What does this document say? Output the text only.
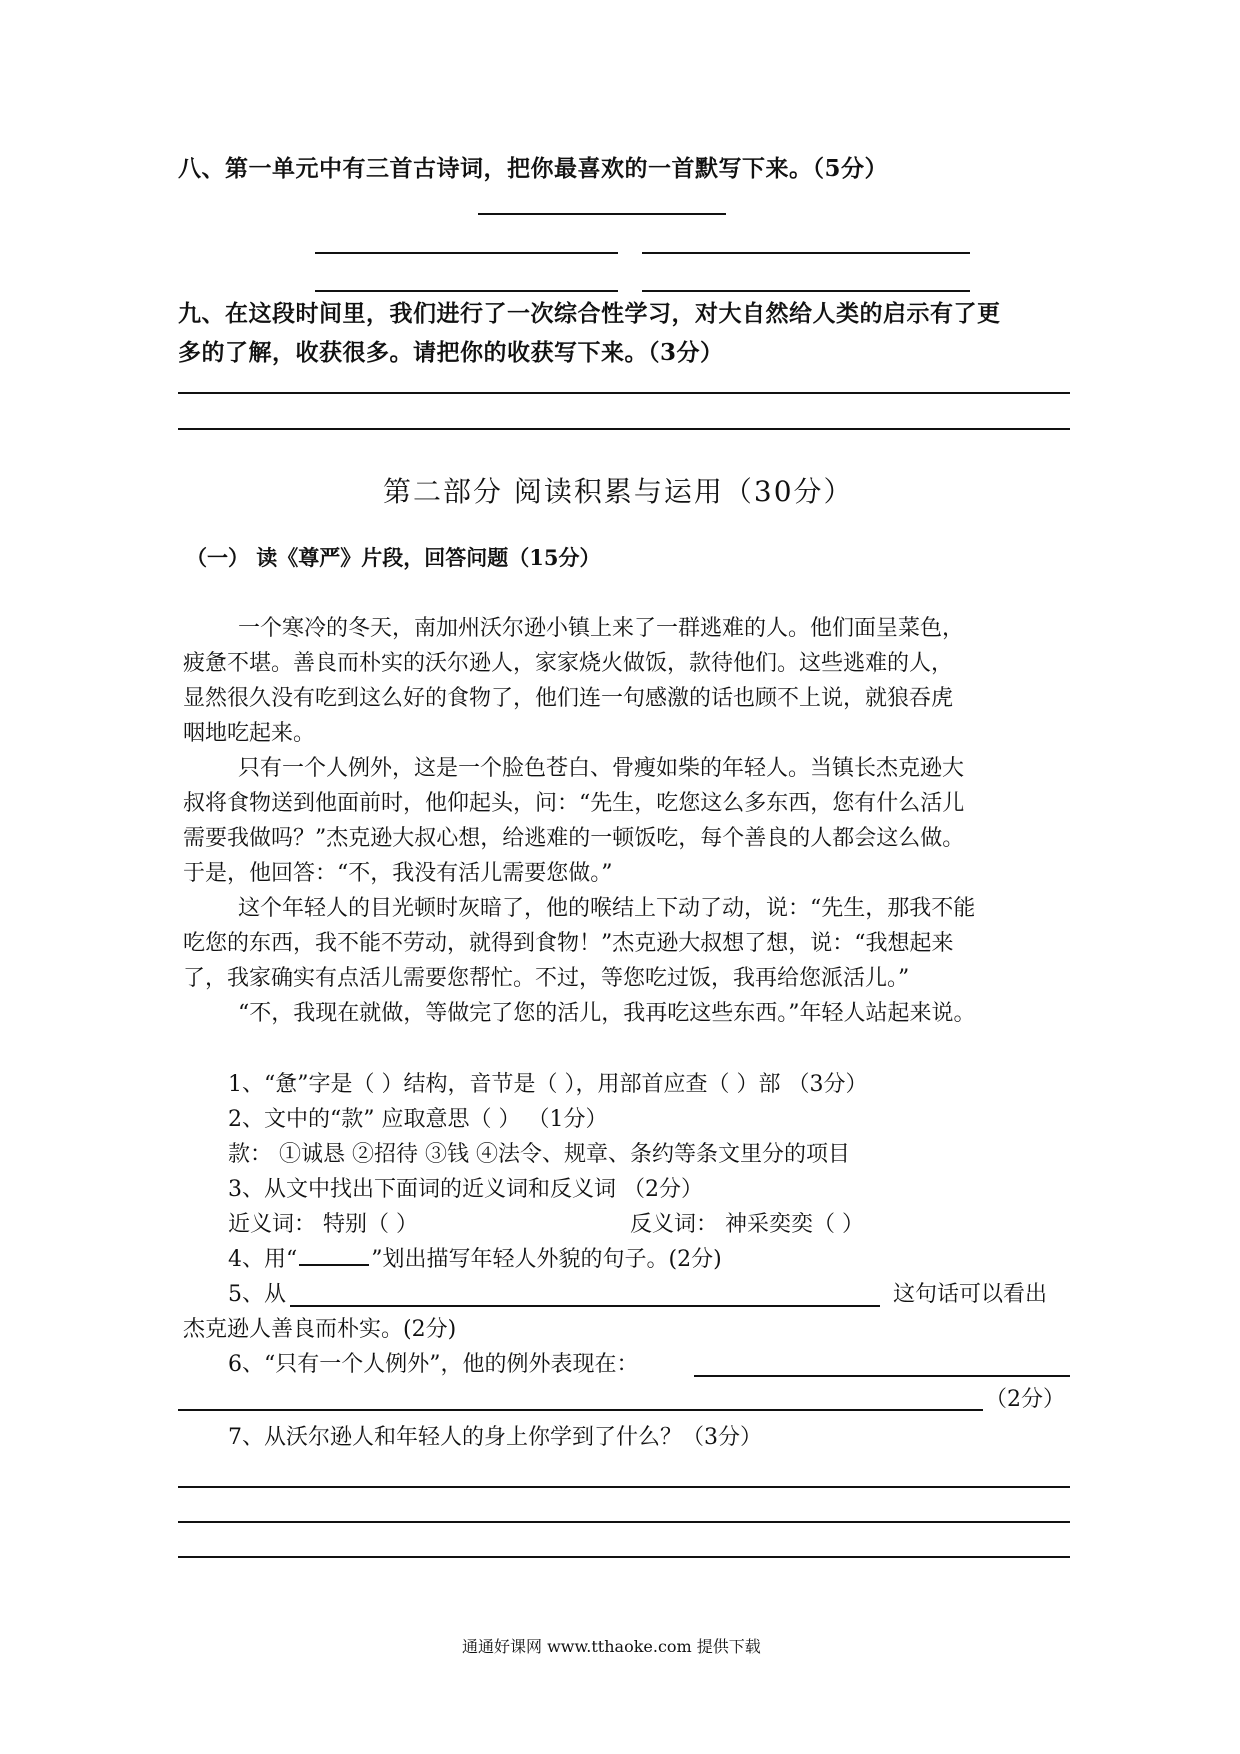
八、第一单元中有三首古诗词，把你最喜欢的一首默写下来。（5分）
九、在这段时间里，我们进行了一次综合性学习，对大自然给人类的启示有了更
多的了解，收获很多。请把你的收获写下来。（3分）
第二部分 阅读积累与运用（30分）
（一） 读《尊严》片段，回答问题（15分）
一个寒冷的冬天，南加州沃尔逊小镇上来了一群逃难的人。他们面呈菜色，
疲惫不堪。善良而朴实的沃尔逊人，家家烧火做饭，款待他们。这些逃难的人，
显然很久没有吃到这么好的食物了，他们连一句感激的话也顾不上说，就狼吞虎
咽地吃起来。
只有一个人例外，这是一个脸色苍白、骨瘦如柴的年轻人。当镇长杰克逊大
叔将食物送到他面前时，他仰起头，问：“先生，吃您这么多东西，您有什么活儿
需要我做吗？”杰克逊大叔心想，给逃难的一顿饭吃，每个善良的人都会这么做。
于是，他回答：“不，我没有活儿需要您做。”
这个年轻人的目光顿时灰暗了，他的喉结上下动了动，说：“先生，那我不能
吃您的东西，我不能不劳动，就得到食物！”杰克逊大叔想了想，说：“我想起来
了，我家确实有点活儿需要您帮忙。不过，等您吃过饭，我再给您派活儿。”
“不，我现在就做，等做完了您的活儿，我再吃这些东西。”年轻人站起来说。
1、“惫”字是（ ）结构，音节是（ ），用部首应查（ ）部 （3分）
2、文中的“款” 应取意思（ ） （1分）
款： ①诚恳 ②招待 ③钱 ④法令、规章、条约等条文里分的项目
3、从文中找出下面词的近义词和反义词 （2分）
近义词： 特别（ ）	反义词： 神采奕奕（ ）
4、用“	”划出描写年轻人外貌的句子。(2分)
5、从	这句话可以看出
杰克逊人善良而朴实。(2分)
6、“只有一个人例外”，他的例外表现在：
（2分）
7、从沃尔逊人和年轻人的身上你学到了什么？（3分）
通通好课网 www.tthaoke.com 提供下载
